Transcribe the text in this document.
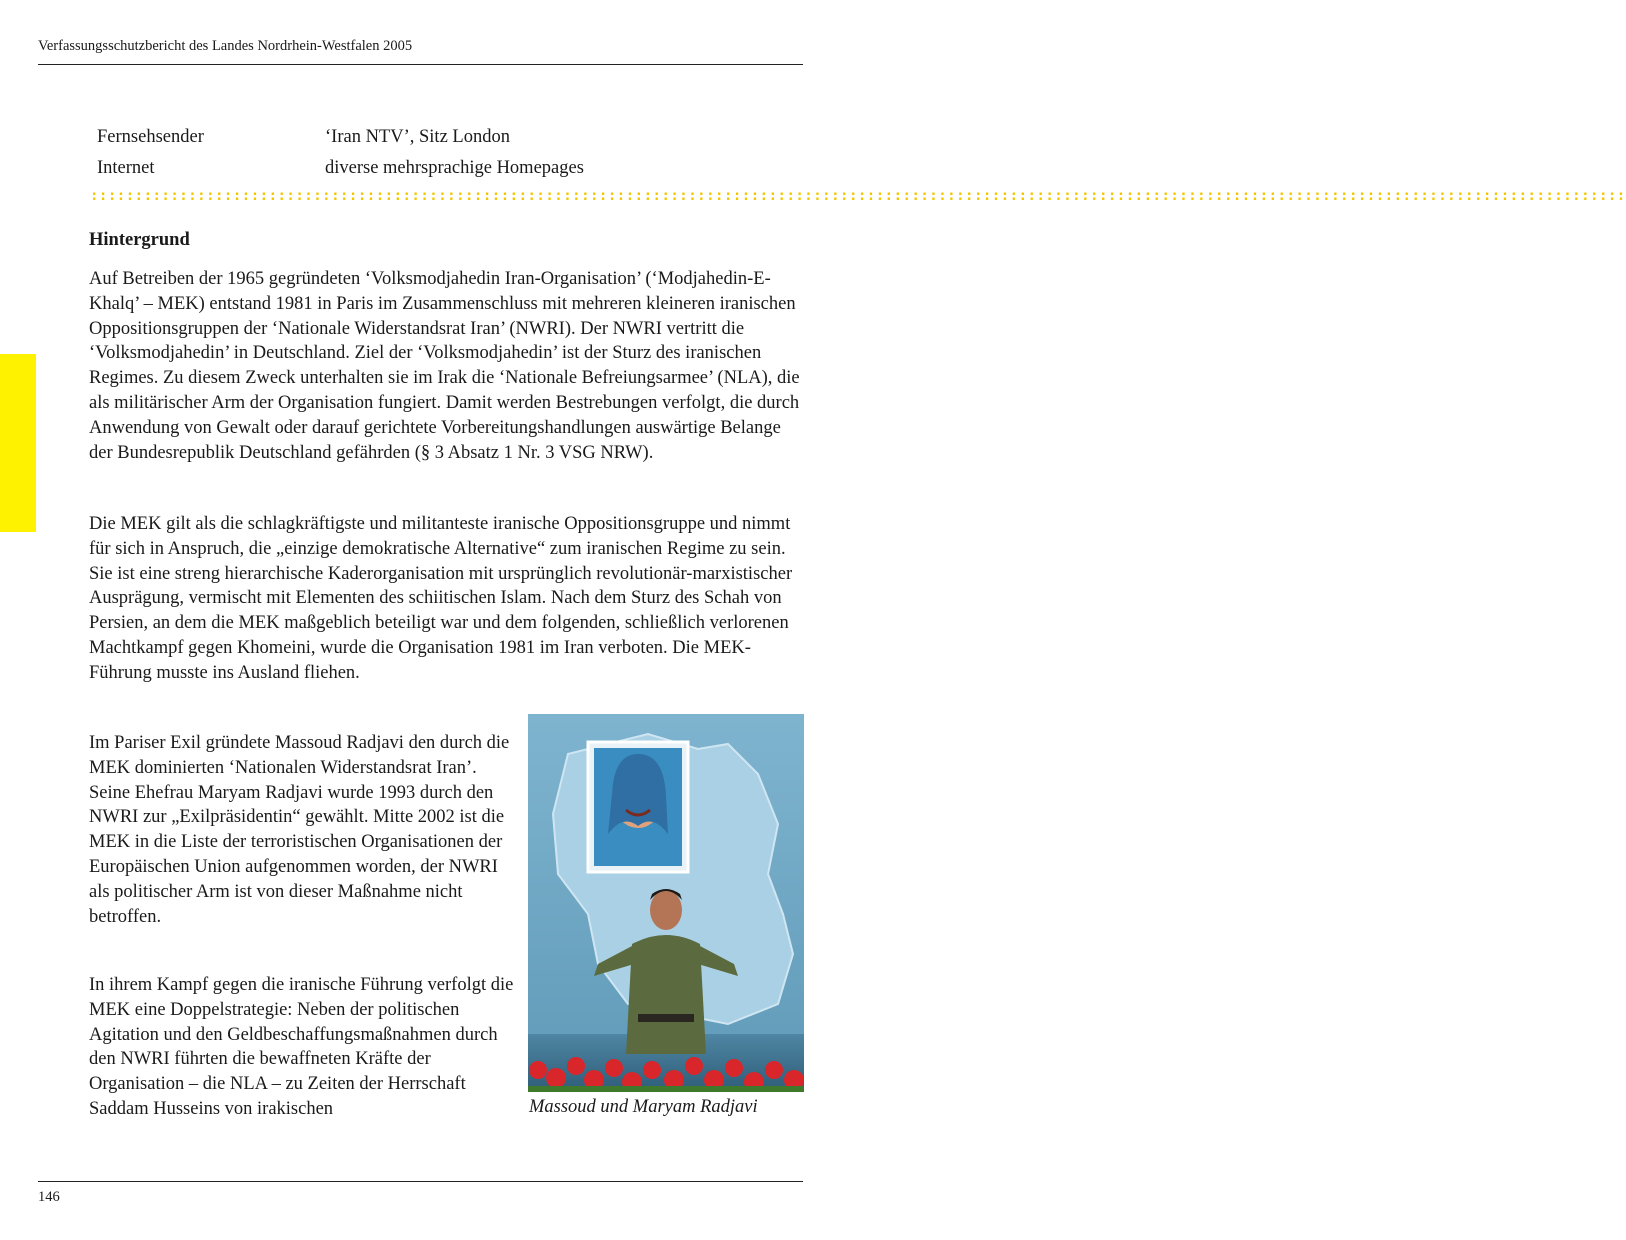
Verfassungsschutzbericht des Landes Nordrhein-Westfalen 2005
Fernsehsender	‘Iran NTV’, Sitz London
Internet	diverse mehrsprachige Homepages
::::::::::::::::::::::::::::::::::::::::::::::::::::::::::::::::::::::::::::::::::::::::::::::::::::::::::::::::::::::::::::::::::::::::::::::::::::::::::::::::::::::::::::
Hintergrund

Auf Betreiben der 1965 gegründeten ‘Volksmodjahedin Iran-Organisation’ (‘Modjahedin-E-Khalq’ – MEK) entstand 1981 in Paris im Zusammenschluss mit mehreren kleineren iranischen Oppositionsgruppen der ‘Nationale Widerstandsrat Iran’ (NWRI). Der NWRI vertritt die ‘Volksmodjahedin’ in Deutschland. Ziel der ‘Volksmodjahedin’ ist der Sturz des iranischen Regimes. Zu diesem Zweck unterhalten sie im Irak die ‘Nationale Befreiungsarmee’ (NLA), die als militärischer Arm der Organisation fungiert. Damit werden Bestrebungen verfolgt, die durch Anwendung von Gewalt oder darauf gerichtete Vorbereitungshandlungen auswärtige Belange der Bundesrepublik Deutschland gefährden (§ 3 Absatz 1 Nr. 3 VSG NRW).

Die MEK gilt als die schlagkräftigste und militanteste iranische Oppositionsgruppe und nimmt für sich in Anspruch, die „einzige demokratische Alternative“ zum iranischen Regime zu sein. Sie ist eine streng hierarchische Kaderorganisation mit ursprünglich revolutionär-marxistischer Ausprägung, vermischt mit Elementen des schiitischen Islam. Nach dem Sturz des Schah von Persien, an dem die MEK maßgeblich beteiligt war und dem folgenden, schließlich verlorenen Machtkampf gegen Khomeini, wurde die Organisation 1981 im Iran verboten. Die MEK-Führung musste ins Ausland fliehen.

Im Pariser Exil gründete Massoud Radjavi den durch die MEK dominierten ‘Nationalen Widerstandsrat Iran’. Seine Ehefrau Maryam Radjavi wurde 1993 durch den NWRI zur „Exilpräsidentin“ gewählt. Mitte 2002 ist die MEK in die Liste der terroristischen Organisationen der Europäischen Union aufgenommen worden, der NWRI als politischer Arm ist von dieser Maßnahme nicht betroffen.

In ihrem Kampf gegen die iranische Führung verfolgt die MEK eine Doppelstrategie: Neben der politischen Agitation und den Geldbeschaffungsmaßnahmen durch den NWRI führten die bewaffneten Kräfte der Organisation – die NLA – zu Zeiten der Herrschaft Saddam Husseins von irakischen	Massoud und Maryam Radjavi
146
